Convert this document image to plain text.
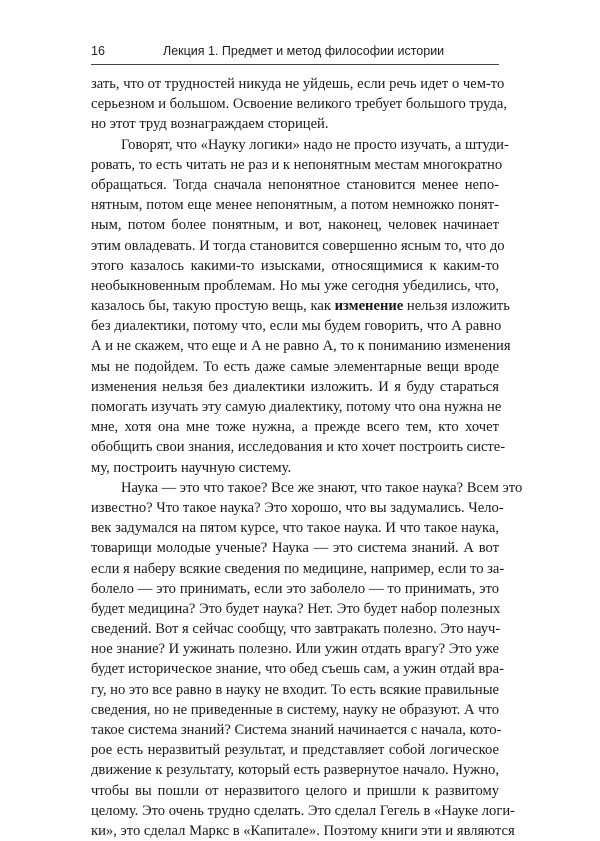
16	Лекция 1. Предмет и метод философии истории
зать, что от трудностей никуда не уйдешь, если речь идет о чем-то
серьезном и большом. Освоение великого требует большого труда,
но этот труд вознаграждаем сторицей.
Говорят, что «Науку логики» надо не просто изучать, а штуди-
ровать, то есть читать не раз и к непонятным местам многократно
обращаться. Тогда сначала непонятное становится менее непо-
нятным, потом еще менее непонятным, а потом немножко понят-
ным, потом более понятным, и вот, наконец, человек начинает
этим овладевать. И тогда становится совершенно ясным то, что до
этого казалось какими-то изысками, относящимися к каким-то
необыкновенным проблемам. Но мы уже сегодня убедились, что,
казалось бы, такую простую вещь, как изменение нельзя изложить
без диалектики, потому что, если мы будем говорить, что А равно
А и не скажем, что еще и А не равно А, то к пониманию изменения
мы не подойдем. То есть даже самые элементарные вещи вроде
изменения нельзя без диалектики изложить. И я буду стараться
помогать изучать эту самую диалектику, потому что она нужна не
мне, хотя она мне тоже нужна, а прежде всего тем, кто хочет
обобщить свои знания, исследования и кто хочет построить систе-
му, построить научную систему.
Наука — это что такое? Все же знают, что такое наука? Всем это
известно? Что такое наука? Это хорошо, что вы задумались. Чело-
век задумался на пятом курсе, что такое наука. И что такое наука,
товарищи молодые ученые? Наука — это система знаний. А вот
если я наберу всякие сведения по медицине, например, если то за-
болело — это принимать, если это заболело — то принимать, это
будет медицина? Это будет наука? Нет. Это будет набор полезных
сведений. Вот я сейчас сообщу, что завтракать полезно. Это науч-
ное знание? И ужинать полезно. Или ужин отдать врагу? Это уже
будет историческое знание, что обед съешь сам, а ужин отдай вра-
гу, но это все равно в науку не входит. То есть всякие правильные
сведения, но не приведенные в систему, науку не образуют. А что
такое система знаний? Система знаний начинается с начала, кото-
рое есть неразвитый результат, и представляет собой логическое
движение к результату, который есть развернутое начало. Нужно,
чтобы вы пошли от неразвитого целого и пришли к развитому
целому. Это очень трудно сделать. Это сделал Гегель в «Науке логи-
ки», это сделал Маркс в «Капитале». Поэтому книги эти и являются
